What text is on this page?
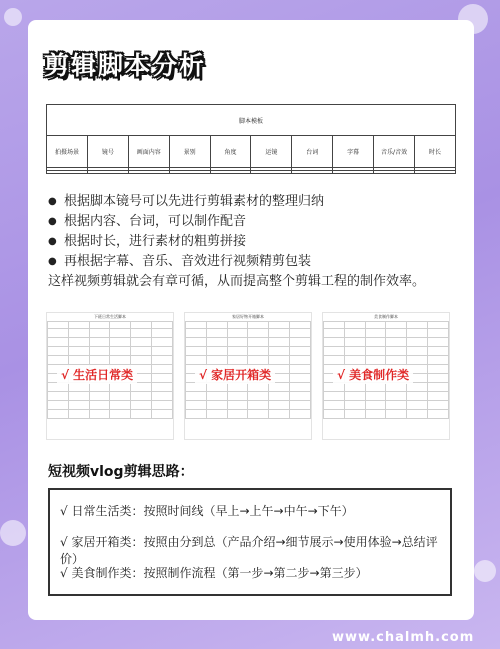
剪辑脚本分析
脚本模板									
拍摄场景	镜号	画面内容	景别	角度	运镜	台词	字幕	音乐/音效	时长

● 根据脚本镜号可以先进行剪辑素材的整理归纳
● 根据内容、台词，可以制作配音
● 根据时长，进行素材的粗剪拼接
● 再根据字幕、音乐、音效进行视频精剪包装
这样视频剪辑就会有章可循，从而提高整个剪辑工程的制作效率。
下班日常生活脚本

√ 生活日常类
家居好物开箱脚本

√ 家居开箱类
美食制作脚本

√ 美食制作类
短视频vlog剪辑思路：
√ 日常生活类：按照时间线（早上→上午→中午→下午）
√ 家居开箱类：按照由分到总（产品介绍→细节展示→使用体验→总结评价）
√ 美食制作类：按照制作流程（第一步→第二步→第三步）
www.chalmh.com
